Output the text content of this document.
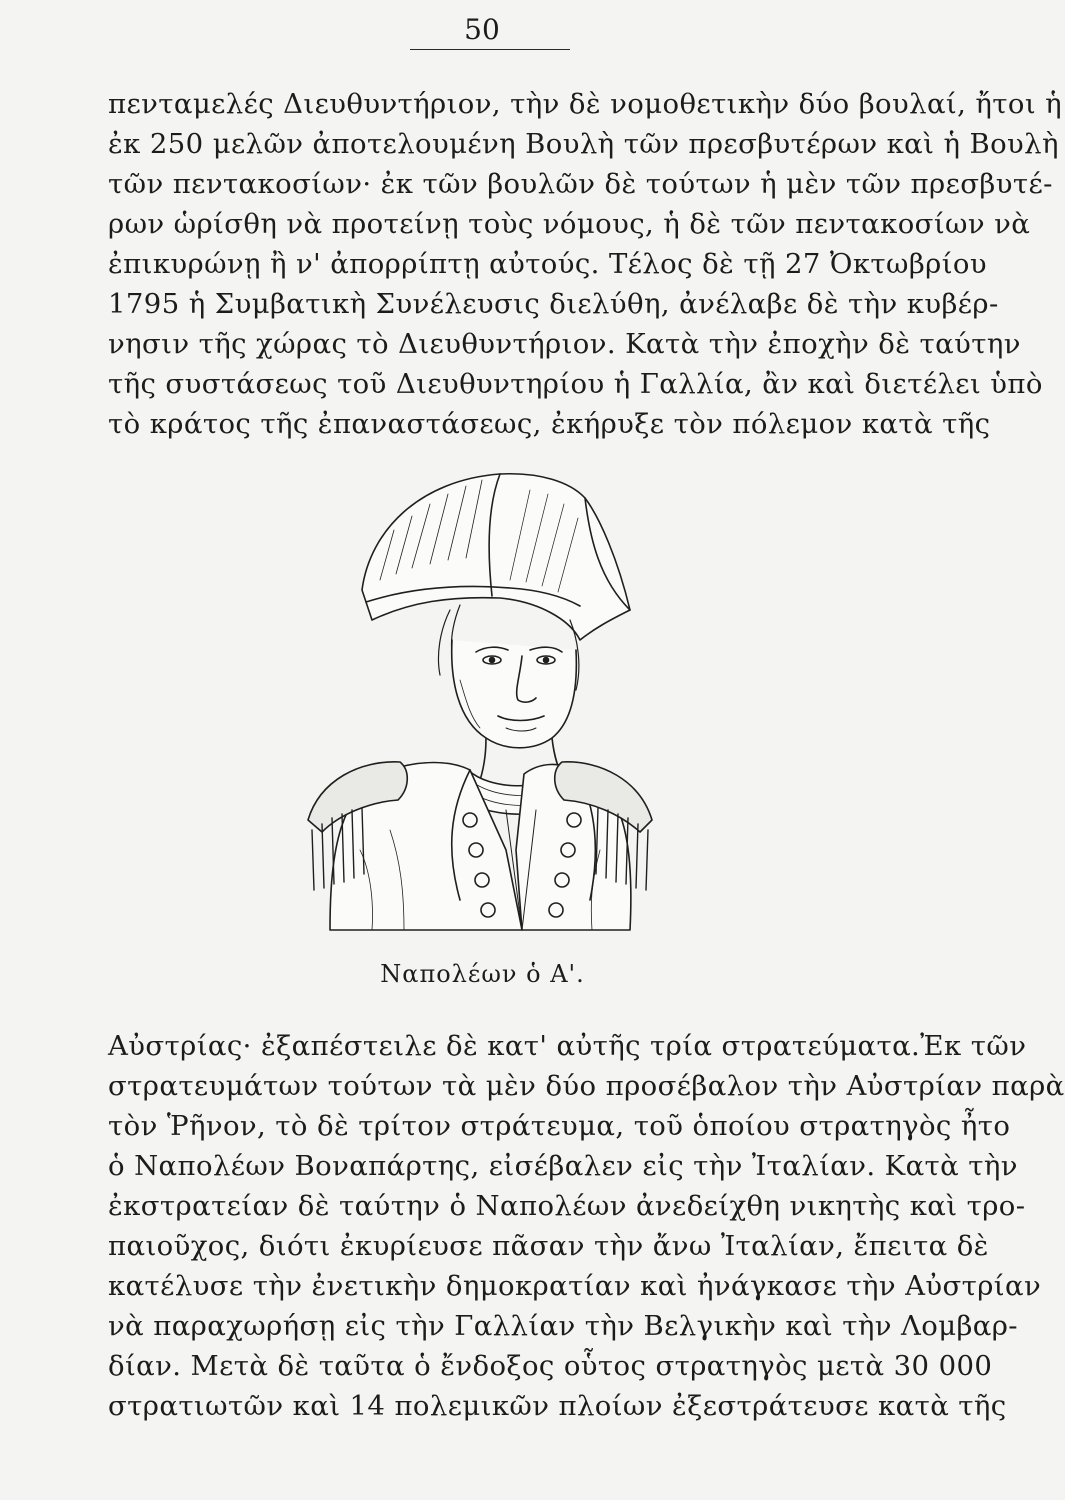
50
πενταμελές Διευθυντήριον, τὴν δὲ νομοθετικὴν δύο βουλαί, ἤτοι ἡ
ἐκ 250 μελῶν ἀποτελουμένη Βουλὴ τῶν πρεσβυτέρων καὶ ἡ Βουλὴ
τῶν πεντακοσίων· ἐκ τῶν βουλῶν δὲ τούτων ἡ μὲν τῶν πρεσβυτέ-
ρων ὡρίσθη νὰ προτείνῃ τοὺς νόμους, ἡ δὲ τῶν πεντακοσίων νὰ
ἐπικυρώνῃ ἢ ν' ἀπορρίπτῃ αὐτούς. Τέλος δὲ τῇ 27 Ὀκτωβρίου
1795 ἡ Συμβατικὴ Συνέλευσις διελύθη, ἀνέλαβε δὲ τὴν κυβέρ-
νησιν τῆς χώρας τὸ Διευθυντήριον. Κατὰ τὴν ἐποχὴν δὲ ταύτην
τῆς συστάσεως τοῦ Διευθυντηρίου ἡ Γαλλία, ἂν καὶ διετέλει ὑπὸ
τὸ κράτος τῆς ἐπαναστάσεως, ἐκήρυξε τὸν πόλεμον κατὰ τῆς
Ναπολέων ὁ Α'.
Αὐστρίας· ἐξαπέστειλε δὲ κατ' αὐτῆς τρία στρατεύματα.Ἐκ τῶν
στρατευμάτων τούτων τὰ μὲν δύο προσέβαλον τὴν Αὐστρίαν παρὰ
τὸν Ῥῆνον, τὸ δὲ τρίτον στράτευμα, τοῦ ὁποίου στρατηγὸς ἦτο
ὁ Ναπολέων Βοναπάρτης, εἰσέβαλεν εἰς τὴν Ἰταλίαν. Κατὰ τὴν
ἐκστρατείαν δὲ ταύτην ὁ Ναπολέων ἀνεδείχθη νικητὴς καὶ τρο-
παιοῦχος, διότι ἐκυρίευσε πᾶσαν τὴν ἄνω Ἰταλίαν, ἔπειτα δὲ
κατέλυσε τὴν ἐνετικὴν δημοκρατίαν καὶ ἠνάγκασε τὴν Αὐστρίαν
νὰ παραχωρήσῃ εἰς τὴν Γαλλίαν τὴν Βελγικὴν καὶ τὴν Λομβαρ-
δίαν. Μετὰ δὲ ταῦτα ὁ ἔνδοξος οὗτος στρατηγὸς μετὰ 30 000
στρατιωτῶν καὶ 14 πολεμικῶν πλοίων ἐξεστράτευσε κατὰ τῆς
